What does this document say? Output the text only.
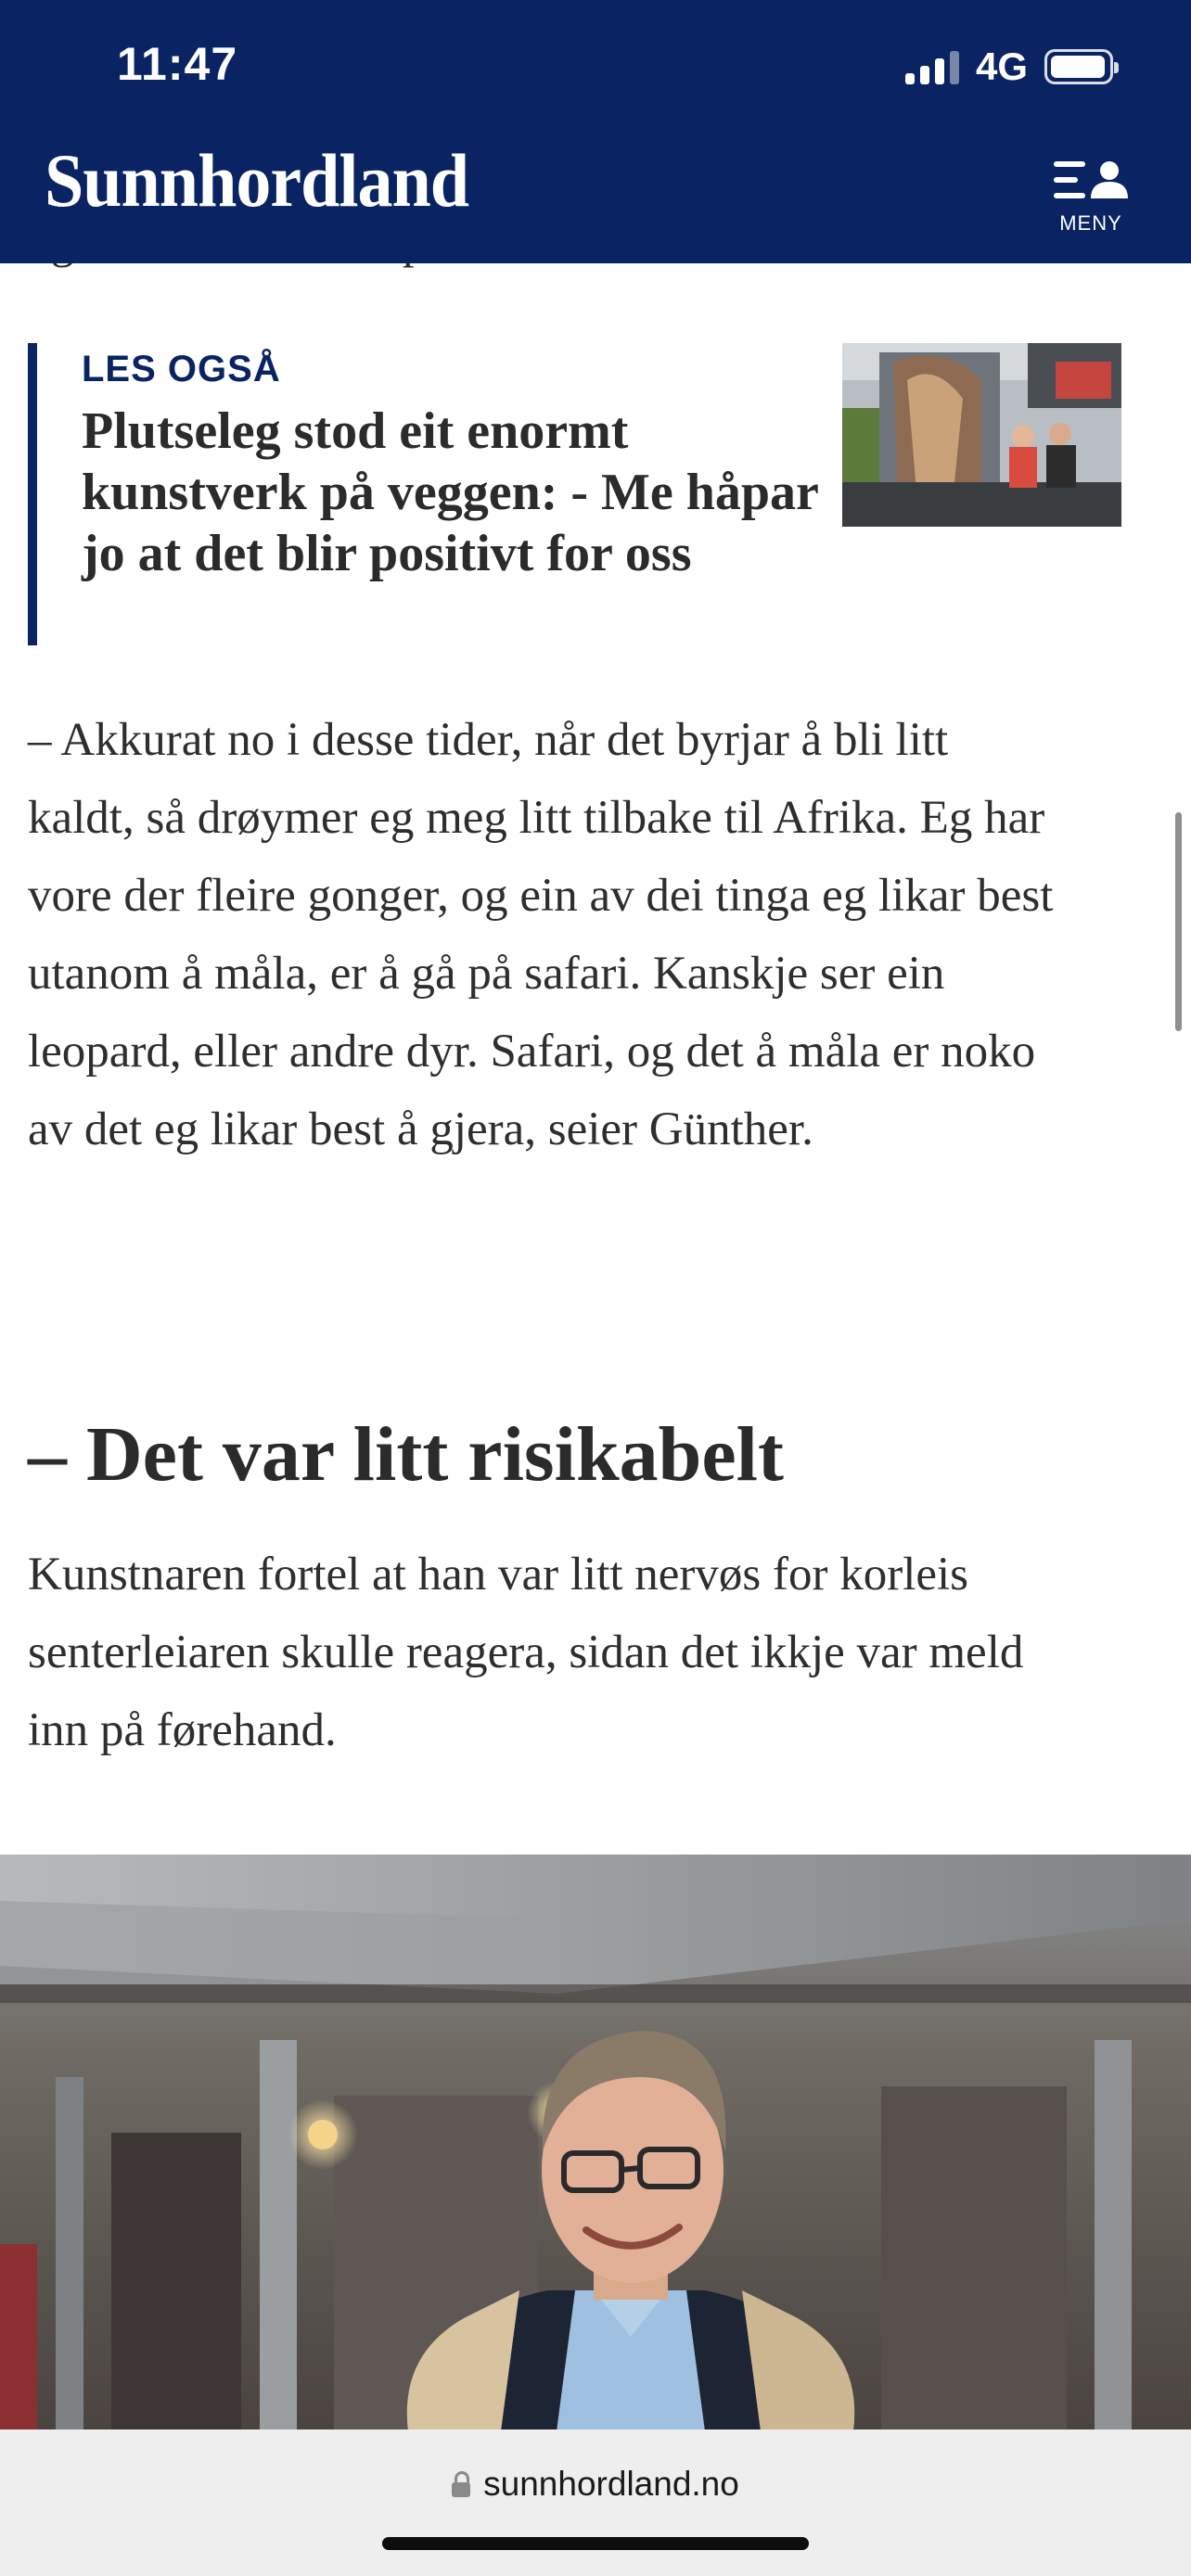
11:47	4G
Sunnhordland
MENY
LES OGSÅ
Plutseleg stod eit enormt kunstverk på veggen: - Me håpar jo at det blir positivt for oss
– Akkurat no i desse tider, når det byrjar å bli litt kaldt, så drøymer eg meg litt tilbake til Afrika. Eg har vore der fleire gonger, og ein av dei tinga eg likar best utanom å måla, er å gå på safari. Kanskje ser ein leopard, eller andre dyr. Safari, og det å måla er noko av det eg likar best å gjera, seier Günther.
– Det var litt risikabelt
Kunstnaren fortel at han var litt nervøs for korleis senterleiaren skulle reagera, sidan det ikkje var meld inn på førehand.
sunnhordland.no
